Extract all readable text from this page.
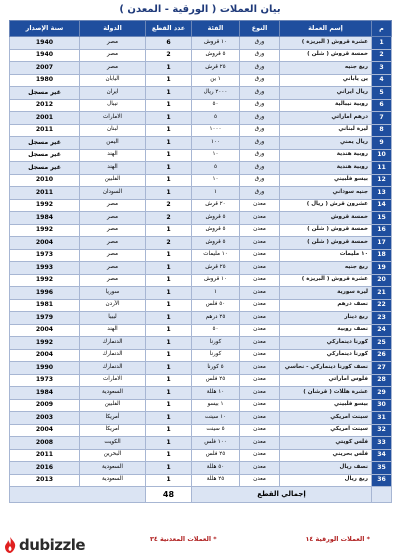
بيان العملات ( الورقية - المعدن )
م	إسم العملة	النوع	الفئة	عدد القطع	الدولة	سنة الإصدار
1	عشرة قروش ( البريزة )	ورق	١٠ قروش	6	مصر	1940
2	خمسة قروش ( شلن )	ورق	٥ قروش	2	مصر	1940
3	ربع جنيه	ورق	٢٥ قرش	1	مصر	2007
4	ين ياباني	ورق	١ ين	1	اليابان	1980
5	ريال ايراني	ورق	٢٠٠٠ ريال	1	ايران	غير مسجل
6	روبية نيبالية	ورق	٥٠	1	نيبال	2012
7	درهم اماراتي	ورق	٥	1	الامارات	2001
8	ليرة لبناني	ورق	١٠٠٠	1	لبنان	2011
9	ريال يمني	ورق	١٠٠	1	اليمن	غير مسجل
10	روبية هندية	ورق	١٠	1	الهند	غير مسجل
11	روبية هندية	ورق	٥	1	الهند	غير مسجل
12	بيسو فلبيني	ورق	١٠	1	الفلبين	2010
13	جنيه سوداني	ورق	١	1	السودان	2011
14	عشرون قرش ( ريال )	معدن	٢٠ قرش	2	مصر	1992
15	خمسة قروش	معدن	٥ قروش	2	مصر	1984
16	خمسة قروش ( شلن )	معدن	٥ قروش	1	مصر	1992
17	خمسة قروش ( شلن )	معدن	٥ قروش	2	مصر	2004
18	١٠ مليمات	معدن	١٠ مليمات	1	مصر	1973
19	ربع جنيه	معدن	٢٥ قرش	1	مصر	1993
20	عشرة قروش ( البريزة )	معدن	١٠ قروش	1	مصر	1992
21	ليرة سورية	معدن	١	1	سوريا	1996
22	نصف درهم	معدن	٥٠ فلس	1	الأردن	1981
23	ربع دينار	معدن	٢٥ درهم	1	ليبيا	1979
24	نصف روبية	معدن	٥٠	1	الهند	2004
25	كورنا دينماركي	معدن	كورنا	1	الدنمارك	1992
26	كورنا دينماركي	معدن	كورنا	1	الدنمارك	2004
27	نصف كورنا دينماركي - نحاسي	معدن	٥ كورنا	1	الدنمارك	1990
28	فلوس اماراتي	معدن	٢٥ فلس	1	الامارات	1973
29	عشرة هللات ( قرشان )	معدن	١٠ هللة	1	السعودية	1984
30	بيسو فلبيني	معدن	١ بيسو	1	الفلبين	2009
31	سينت امريكي	معدن	١٠ سينت	1	أمريكا	2003
32	سينت امريكي	معدن	٥ سينت	1	أمريكا	2004
33	فلس كويتي	معدن	١٠٠ فلس	1	الكويت	2008
34	فلس بحريني	معدن	٢٥ فلس	1	البحرين	2011
35	نصف ريال	معدن	٥٠ هللة	1	السعودية	2016
36	ربع ريال	معدن	٢٥ هللة	1	السعودية	2013
	إجمالي القطع			48		
* العملات الورقية ١٤
* العملات المعدنية ٣٤
dubizzle
